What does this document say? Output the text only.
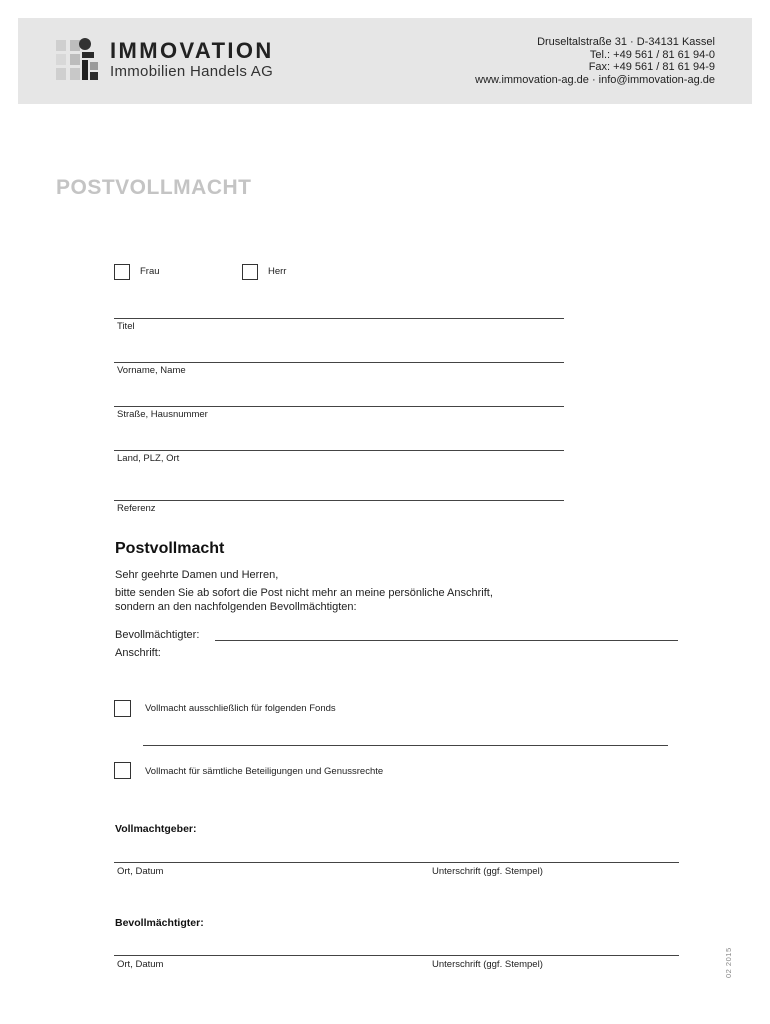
IMMOVATION
Immobilien Handels AG
Druseltalstraße 31 · D-34131 Kassel
Tel.: +49 561 / 81 61 94-0
Fax: +49 561 / 81 61 94-9
www.immovation-ag.de · info@immovation-ag.de
POSTVOLLMACHT
Frau	Herr
Titel
Vorname, Name
Straße, Hausnummer
Land, PLZ, Ort
Referenz
Postvollmacht
Sehr geehrte Damen und Herren,
bitte senden Sie ab sofort die Post nicht mehr an meine persönliche Anschrift,
sondern an den nachfolgenden Bevollmächtigten:
Bevollmächtigter:
Anschrift:
Vollmacht ausschließlich für folgenden Fonds
Vollmacht für sämtliche Beteiligungen und Genussrechte
Vollmachtgeber:
Ort, Datum	Unterschrift (ggf. Stempel)
Bevollmächtigter:
Ort, Datum	Unterschrift (ggf. Stempel)	02 2015
